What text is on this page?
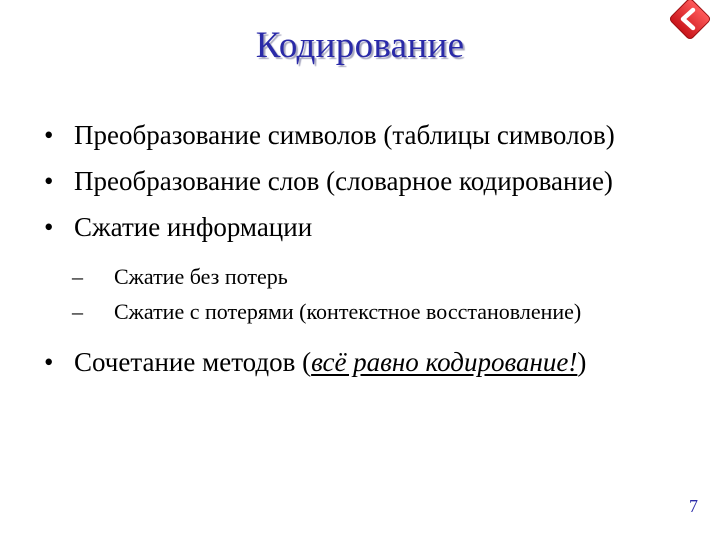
Кодирование
• Преобразование символов (таблицы символов)
• Преобразование слов (словарное кодирование)
• Сжатие информации
– Сжатие без потерь
– Сжатие с потерями (контекстное восстановление)
• Сочетание методов (всё равно кодирование!)
7
